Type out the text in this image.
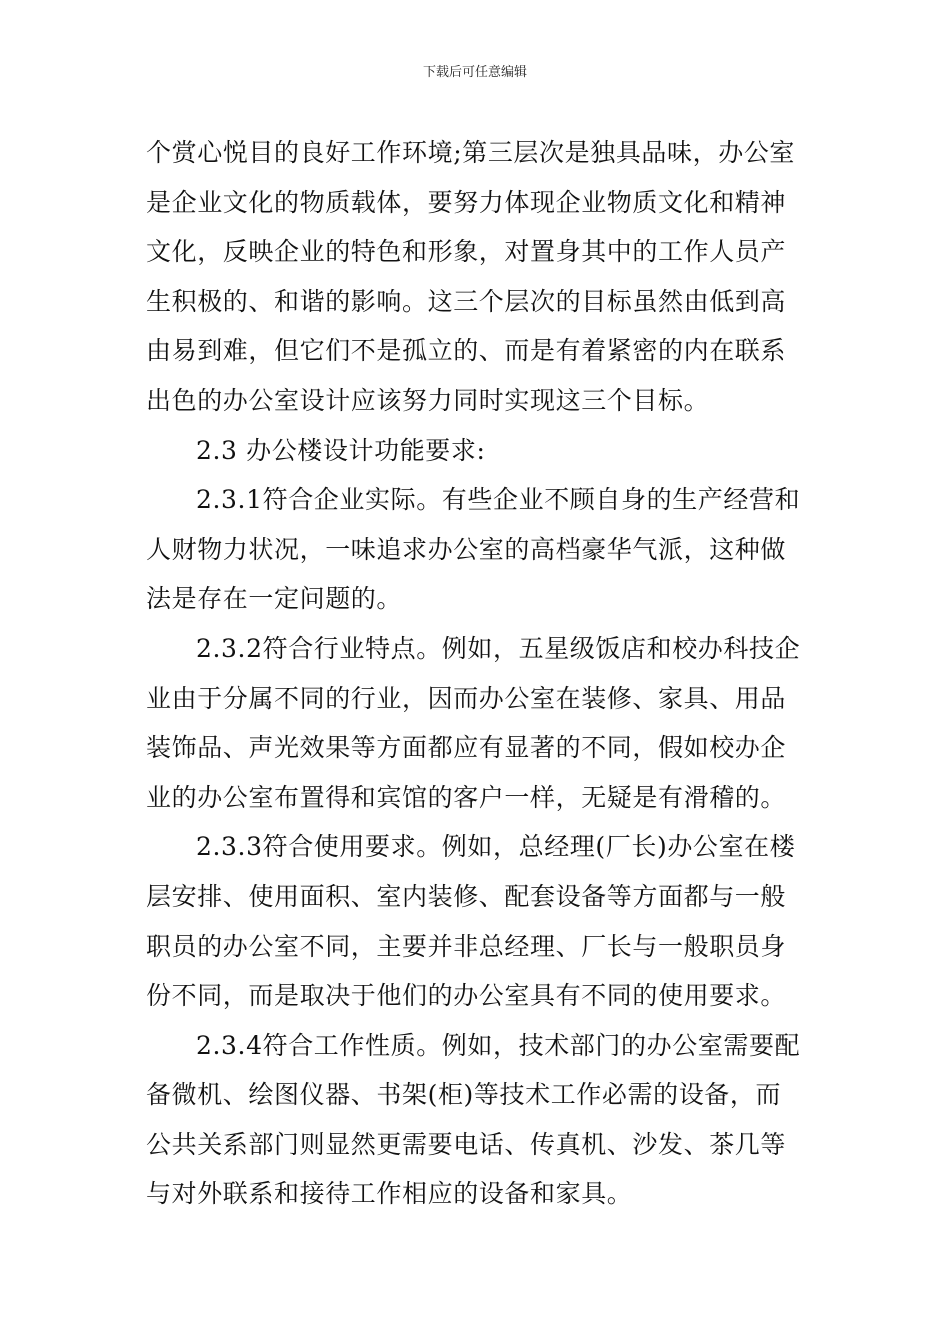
下载后可任意编辑
个赏心悦目的良好工作环境;第三层次是独具品味，办公室
是企业文化的物质载体，要努力体现企业物质文化和精神
文化，反映企业的特色和形象，对置身其中的工作人员产
生积极的、和谐的影响。这三个层次的目标虽然由低到高
由易到难，但它们不是孤立的、而是有着紧密的内在联系
出色的办公室设计应该努力同时实现这三个目标。
2.3 办公楼设计功能要求:
2.3.1符合企业实际。有些企业不顾自身的生产经营和
人财物力状况，一味追求办公室的高档豪华气派，这种做
法是存在一定问题的。
2.3.2符合行业特点。例如，五星级饭店和校办科技企
业由于分属不同的行业，因而办公室在装修、家具、用品
装饰品、声光效果等方面都应有显著的不同，假如校办企
业的办公室布置得和宾馆的客户一样，无疑是有滑稽的。
2.3.3符合使用要求。例如，总经理(厂长)办公室在楼
层安排、使用面积、室内装修、配套设备等方面都与一般
职员的办公室不同，主要并非总经理、厂长与一般职员身
份不同，而是取决于他们的办公室具有不同的使用要求。
2.3.4符合工作性质。例如，技术部门的办公室需要配
备微机、绘图仪器、书架(柜)等技术工作必需的设备，而
公共关系部门则显然更需要电话、传真机、沙发、茶几等
与对外联系和接待工作相应的设备和家具。
